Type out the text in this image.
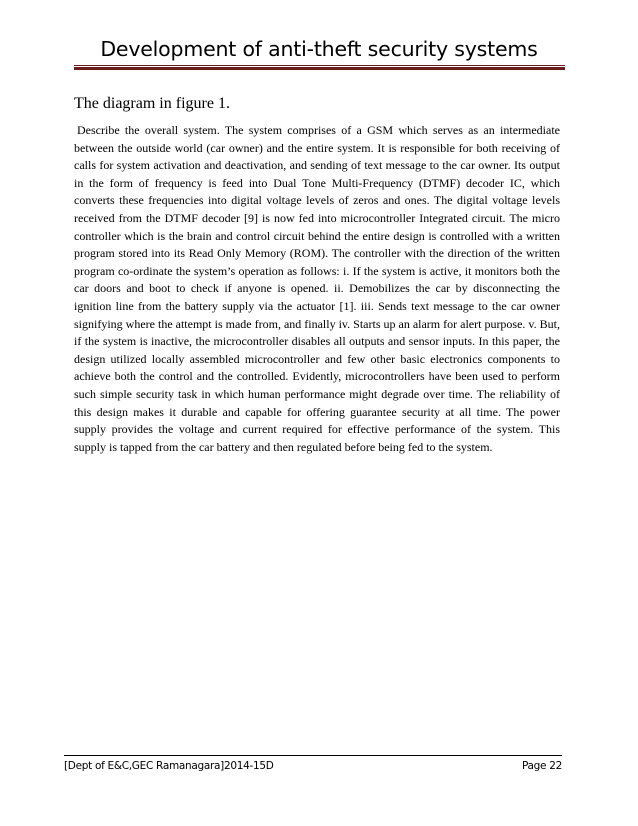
Development of anti-theft security systems
The diagram in figure 1.

Describe the overall system. The system comprises of a GSM which serves as an intermediate between the outside world (car owner) and the entire system. It is responsible for both receiving of calls for system activation and deactivation, and sending of text message to the car owner. Its output in the form of frequency is feed into Dual Tone Multi-Frequency (DTMF) decoder IC, which converts these frequencies into digital voltage levels of zeros and ones. The digital voltage levels received from the DTMF decoder [9] is now fed into microcontroller Integrated circuit. The micro controller which is the brain and control circuit behind the entire design is controlled with a written program stored into its Read Only Memory (ROM). The controller with the direction of the written program co-ordinate the system’s operation as follows: i. If the system is active, it monitors both the car doors and boot to check if anyone is opened. ii. Demobilizes the car by disconnecting the ignition line from the battery supply via the actuator [1]. iii. Sends text message to the car owner signifying where the attempt is made from, and finally iv. Starts up an alarm for alert purpose. v. But, if the system is inactive, the microcontroller disables all outputs and sensor inputs. In this paper, the design utilized locally assembled microcontroller and few other basic electronics components to achieve both the control and the controlled. Evidently, microcontrollers have been used to perform such simple security task in which human performance might degrade over time. The reliability of this design makes it durable and capable for offering guarantee security at all time. The power supply provides the voltage and current required for effective performance of the system. This supply is tapped from the car battery and then regulated before being fed to the system.

[Dept of E&C,GEC Ramanagara]2014-15D	Page 22
